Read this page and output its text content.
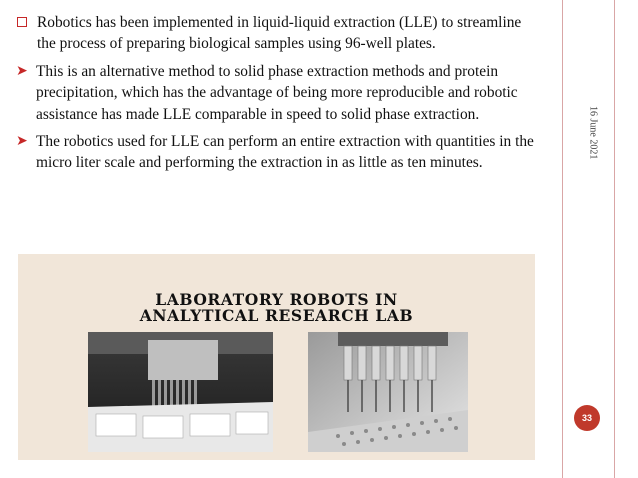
16 June 2021
Robotics has been implemented in liquid-liquid extraction (LLE) to streamline the process of preparing biological samples using 96-well plates.
➤ This is an alternative method to solid phase extraction methods and protein precipitation, which has the advantage of being more reproducible and robotic assistance has made LLE comparable in speed to solid phase extraction.
➤ The robotics used for LLE can perform an entire extraction with quantities in the micro liter scale and performing the extraction in as little as ten minutes.
LABORATORY ROBOTS IN
ANALYTICAL RESEARCH LAB
33
